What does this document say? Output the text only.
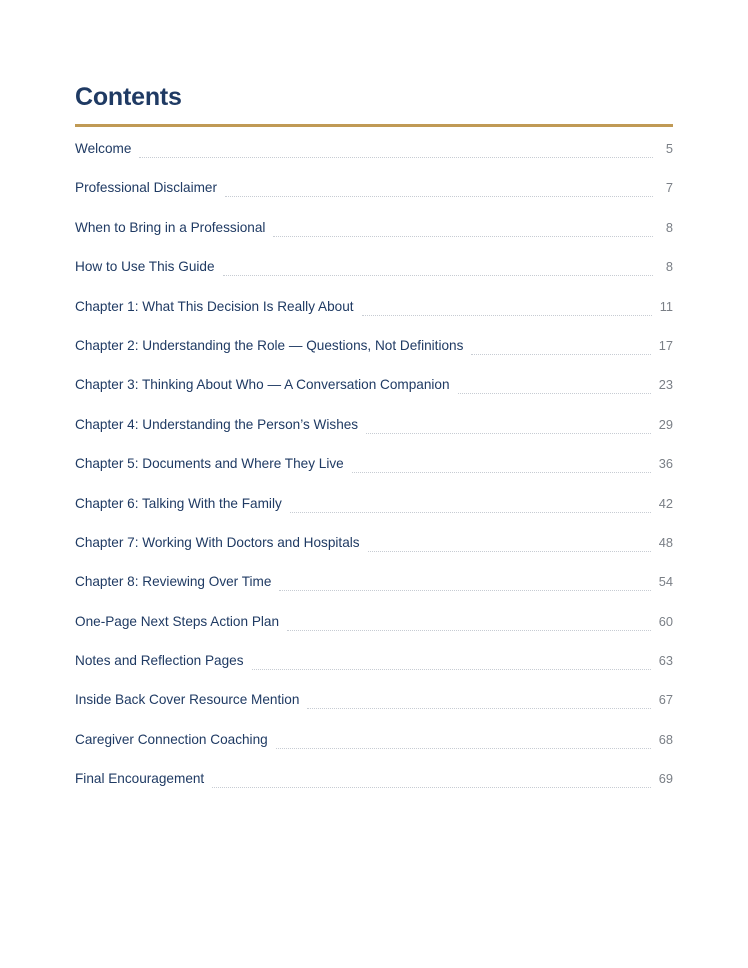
Contents
Welcome	5
Professional Disclaimer	7
When to Bring in a Professional	8
How to Use This Guide	8
Chapter 1: What This Decision Is Really About	11
Chapter 2: Understanding the Role — Questions, Not Definitions	17
Chapter 3: Thinking About Who — A Conversation Companion	23
Chapter 4: Understanding the Person’s Wishes	29
Chapter 5: Documents and Where They Live	36
Chapter 6: Talking With the Family	42
Chapter 7: Working With Doctors and Hospitals	48
Chapter 8: Reviewing Over Time	54
One-Page Next Steps Action Plan	60
Notes and Reflection Pages	63
Inside Back Cover Resource Mention	67
Caregiver Connection Coaching	68
Final Encouragement	69
